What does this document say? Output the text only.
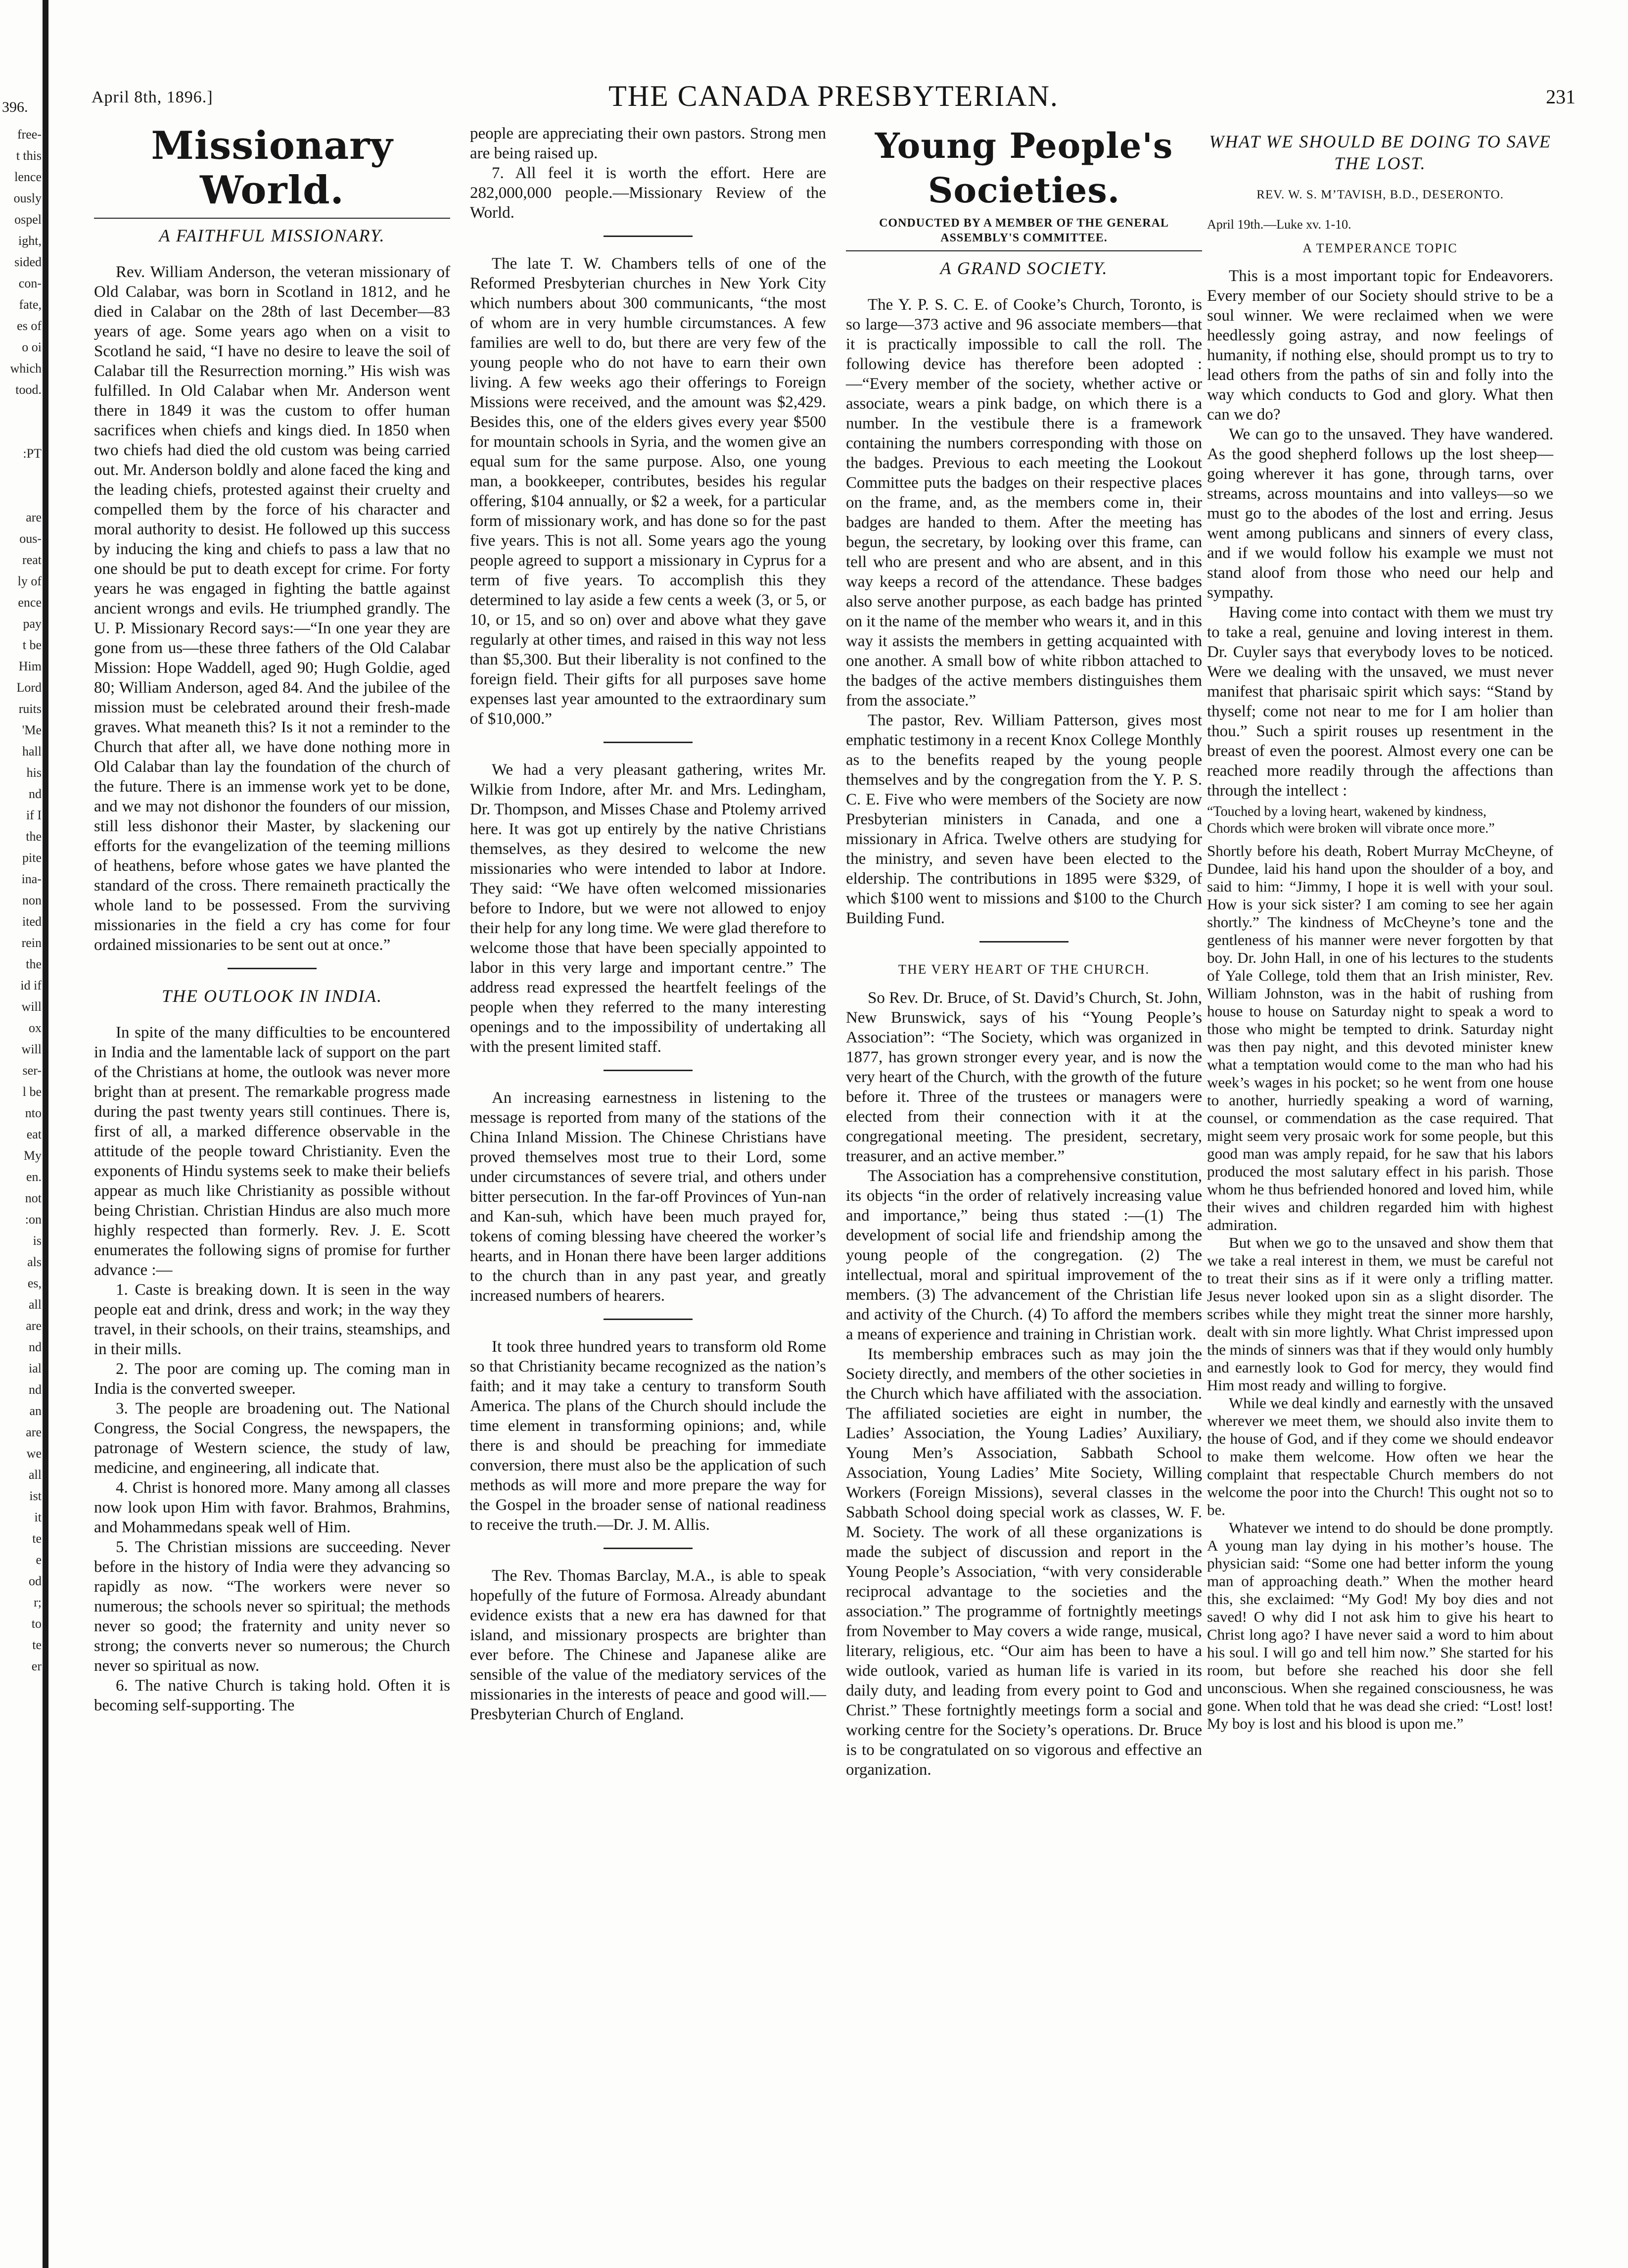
396.
free-
t this
lence
ously
ospel
ight,
sided
con-
fate,
es of
o oi
which
tood.

:PT

are
ous-
reat
ly of
ence
pay
t be
Him
Lord
ruits
'Me
hall
his
nd
if I
the
pite
ina-
non
ited
rein
the
id if
will
ox
will
ser-
l be
nto
eat
My
en.
not
:on
is
als
es,
all
are
nd
ial
nd
an
are
we
all
ist
it
te
e
od
r;
to
te
er
April 8th, 1896.]	THE CANADA PRESBYTERIAN.	231
Missionary World.
A FAITHFUL MISSIONARY.

Rev. William Anderson, the veteran missionary of Old Calabar, was born in Scotland in 1812, and he died in Calabar on the 28th of last December—83 years of age. Some years ago when on a visit to Scotland he said, “I have no desire to leave the soil of Calabar till the Resurrection morning.” His wish was fulfilled. In Old Calabar when Mr. Anderson went there in 1849 it was the custom to offer human sacrifices when chiefs and kings died. In 1850 when two chiefs had died the old custom was being carried out. Mr. Anderson boldly and alone faced the king and the leading chiefs, protested against their cruelty and compelled them by the force of his character and moral authority to desist. He followed up this success by inducing the king and chiefs to pass a law that no one should be put to death except for crime. For forty years he was engaged in fighting the battle against ancient wrongs and evils. He triumphed grandly. The U. P. Missionary Record says:—“In one year they are gone from us—these three fathers of the Old Calabar Mission: Hope Waddell, aged 90; Hugh Goldie, aged 80; William Anderson, aged 84. And the jubilee of the mission must be celebrated around their fresh-made graves. What meaneth this? Is it not a reminder to the Church that after all, we have done nothing more in Old Calabar than lay the foundation of the church of the future. There is an immense work yet to be done, and we may not dishonor the founders of our mission, still less dishonor their Master, by slackening our efforts for the evangelization of the teeming millions of heathens, before whose gates we have planted the standard of the cross. There remaineth practically the whole land to be possessed. From the surviving missionaries in the field a cry has come for four ordained missionaries to be sent out at once.”

THE OUTLOOK IN INDIA.

In spite of the many difficulties to be encountered in India and the lamentable lack of support on the part of the Christians at home, the outlook was never more bright than at present. The remarkable progress made during the past twenty years still continues. There is, first of all, a marked difference observable in the attitude of the people toward Christianity. Even the exponents of Hindu systems seek to make their beliefs appear as much like Christianity as possible without being Christian. Christian Hindus are also much more highly respected than formerly. Rev. J. E. Scott enumerates the following signs of promise for further advance :—

1. Caste is breaking down. It is seen in the way people eat and drink, dress and work; in the way they travel, in their schools, on their trains, steamships, and in their mills.

2. The poor are coming up. The coming man in India is the converted sweeper.

3. The people are broadening out. The National Congress, the Social Congress, the newspapers, the patronage of Western science, the study of law, medicine, and engineering, all indicate that.

4. Christ is honored more. Many among all classes now look upon Him with favor. Brahmos, Brahmins, and Mohammedans speak well of Him.

5. The Christian missions are succeeding. Never before in the history of India were they advancing so rapidly as now. “The workers were never so numerous; the schools never so spiritual; the methods never so good; the fraternity and unity never so strong; the converts never so numerous; the Church never so spiritual as now.

6. The native Church is taking hold. Often it is becoming self-supporting. The

people are appreciating their own pastors. Strong men are being raised up.

7. All feel it is worth the effort. Here are 282,000,000 people.—Missionary Review of the World.

The late T. W. Chambers tells of one of the Reformed Presbyterian churches in New York City which numbers about 300 communicants, “the most of whom are in very humble circumstances. A few families are well to do, but there are very few of the young people who do not have to earn their own living. A few weeks ago their offerings to Foreign Missions were received, and the amount was $2,429. Besides this, one of the elders gives every year $500 for mountain schools in Syria, and the women give an equal sum for the same purpose. Also, one young man, a bookkeeper, contributes, besides his regular offering, $104 annually, or $2 a week, for a particular form of missionary work, and has done so for the past five years. This is not all. Some years ago the young people agreed to support a missionary in Cyprus for a term of five years. To accomplish this they determined to lay aside a few cents a week (3, or 5, or 10, or 15, and so on) over and above what they gave regularly at other times, and raised in this way not less than $5,300. But their liberality is not confined to the foreign field. Their gifts for all purposes save home expenses last year amounted to the extraordinary sum of $10,000.”

We had a very pleasant gathering, writes Mr. Wilkie from Indore, after Mr. and Mrs. Ledingham, Dr. Thompson, and Misses Chase and Ptolemy arrived here. It was got up entirely by the native Christians themselves, as they desired to welcome the new missionaries who were intended to labor at Indore. They said: “We have often welcomed missionaries before to Indore, but we were not allowed to enjoy their help for any long time. We were glad therefore to welcome those that have been specially appointed to labor in this very large and important centre.” The address read expressed the heartfelt feelings of the people when they referred to the many interesting openings and to the impossibility of undertaking all with the present limited staff.

An increasing earnestness in listening to the message is reported from many of the stations of the China Inland Mission. The Chinese Christians have proved themselves most true to their Lord, some under circumstances of severe trial, and others under bitter persecution. In the far-off Provinces of Yun-nan and Kan-suh, which have been much prayed for, tokens of coming blessing have cheered the worker’s hearts, and in Honan there have been larger additions to the church than in any past year, and greatly increased numbers of hearers.

It took three hundred years to transform old Rome so that Christianity became recognized as the nation’s faith; and it may take a century to transform South America. The plans of the Church should include the time element in transforming opinions; and, while there is and should be preaching for immediate conversion, there must also be the application of such methods as will more and more prepare the way for the Gospel in the broader sense of national readiness to receive the truth.—Dr. J. M. Allis.

The Rev. Thomas Barclay, M.A., is able to speak hopefully of the future of Formosa. Already abundant evidence exists that a new era has dawned for that island, and missionary prospects are brighter than ever before. The Chinese and Japanese alike are sensible of the value of the mediatory services of the missionaries in the interests of peace and good will.—Presbyterian Church of England.

Young People's Societies.
CONDUCTED BY A MEMBER OF THE GENERAL ASSEMBLY'S COMMITTEE.
A GRAND SOCIETY.

The Y. P. S. C. E. of Cooke’s Church, Toronto, is so large—373 active and 96 associate members—that it is practically impossible to call the roll. The following device has therefore been adopted :—“Every member of the society, whether active or associate, wears a pink badge, on which there is a number. In the vestibule there is a framework containing the numbers corresponding with those on the badges. Previous to each meeting the Lookout Committee puts the badges on their respective places on the frame, and, as the members come in, their badges are handed to them. After the meeting has begun, the secretary, by looking over this frame, can tell who are present and who are absent, and in this way keeps a record of the attendance. These badges also serve another purpose, as each badge has printed on it the name of the member who wears it, and in this way it assists the members in getting acquainted with one another. A small bow of white ribbon attached to the badges of the active members distinguishes them from the associate.”

The pastor, Rev. William Patterson, gives most emphatic testimony in a recent Knox College Monthly as to the benefits reaped by the young people themselves and by the congregation from the Y. P. S. C. E. Five who were members of the Society are now Presbyterian ministers in Canada, and one a missionary in Africa. Twelve others are studying for the ministry, and seven have been elected to the eldership. The contributions in 1895 were $329, of which $100 went to missions and $100 to the Church Building Fund.

THE VERY HEART OF THE CHURCH.

So Rev. Dr. Bruce, of St. David’s Church, St. John, New Brunswick, says of his “Young People’s Association”: “The Society, which was organized in 1877, has grown stronger every year, and is now the very heart of the Church, with the growth of the future before it. Three of the trustees or managers were elected from their connection with it at the congregational meeting. The president, secretary, treasurer, and an active member.”

The Association has a comprehensive constitution, its objects “in the order of relatively increasing value and importance,” being thus stated :—(1) The development of social life and friendship among the young people of the congregation. (2) The intellectual, moral and spiritual improvement of the members. (3) The advancement of the Christian life and activity of the Church. (4) To afford the members a means of experience and training in Christian work.

Its membership embraces such as may join the Society directly, and members of the other societies in the Church which have affiliated with the association. The affiliated societies are eight in number, the Ladies’ Association, the Young Ladies’ Auxiliary, Young Men’s Association, Sabbath School Association, Young Ladies’ Mite Society, Willing Workers (Foreign Missions), several classes in the Sabbath School doing special work as classes, W. F. M. Society. The work of all these organizations is made the subject of discussion and report in the Young People’s Association, “with very considerable reciprocal advantage to the societies and the association.” The programme of fortnightly meetings from November to May covers a wide range, musical, literary, religious, etc. “Our aim has been to have a wide outlook, varied as human life is varied in its daily duty, and leading from every point to God and Christ.” These fortnightly meetings form a social and working centre for the Society’s operations. Dr. Bruce is to be congratulated on so vigorous and effective an organization.

WHAT WE SHOULD BE DOING TO SAVE THE LOST.
REV. W. S. M’TAVISH, B.D., DESERONTO.
April 19th.—Luke xv. 1-10.
A TEMPERANCE TOPIC

This is a most important topic for Endeavorers. Every member of our Society should strive to be a soul winner. We were reclaimed when we were heedlessly going astray, and now feelings of humanity, if nothing else, should prompt us to try to lead others from the paths of sin and folly into the way which conducts to God and glory. What then can we do?

We can go to the unsaved. They have wandered. As the good shepherd follows up the lost sheep—going wherever it has gone, through tarns, over streams, across mountains and into valleys—so we must go to the abodes of the lost and erring. Jesus went among publicans and sinners of every class, and if we would follow his example we must not stand aloof from those who need our help and sympathy.

Having come into contact with them we must try to take a real, genuine and loving interest in them. Dr. Cuyler says that everybody loves to be noticed. Were we dealing with the unsaved, we must never manifest that pharisaic spirit which says: “Stand by thyself; come not near to me for I am holier than thou.” Such a spirit rouses up resentment in the breast of even the poorest. Almost every one can be reached more readily through the affections than through the intellect :

“Touched by a loving heart, wakened by kindness,
Chords which were broken will vibrate once more.”

Shortly before his death, Robert Murray McCheyne, of Dundee, laid his hand upon the shoulder of a boy, and said to him: “Jimmy, I hope it is well with your soul. How is your sick sister? I am coming to see her again shortly.” The kindness of McCheyne’s tone and the gentleness of his manner were never forgotten by that boy. Dr. John Hall, in one of his lectures to the students of Yale College, told them that an Irish minister, Rev. William Johnston, was in the habit of rushing from house to house on Saturday night to speak a word to those who might be tempted to drink. Saturday night was then pay night, and this devoted minister knew what a temptation would come to the man who had his week’s wages in his pocket; so he went from one house to another, hurriedly speaking a word of warning, counsel, or commendation as the case required. That might seem very prosaic work for some people, but this good man was amply repaid, for he saw that his labors produced the most salutary effect in his parish. Those whom he thus befriended honored and loved him, while their wives and children regarded him with highest admiration.

But when we go to the unsaved and show them that we take a real interest in them, we must be careful not to treat their sins as if it were only a trifling matter. Jesus never looked upon sin as a slight disorder. The scribes while they might treat the sinner more harshly, dealt with sin more lightly. What Christ impressed upon the minds of sinners was that if they would only humbly and earnestly look to God for mercy, they would find Him most ready and willing to forgive.

While we deal kindly and earnestly with the unsaved wherever we meet them, we should also invite them to the house of God, and if they come we should endeavor to make them welcome. How often we hear the complaint that respectable Church members do not welcome the poor into the Church! This ought not so to be.

Whatever we intend to do should be done promptly. A young man lay dying in his mother’s house. The physician said: “Some one had better inform the young man of approaching death.” When the mother heard this, she exclaimed: “My God! My boy dies and not saved! O why did I not ask him to give his heart to Christ long ago? I have never said a word to him about his soul. I will go and tell him now.” She started for his room, but before she reached his door she fell unconscious. When she regained consciousness, he was gone. When told that he was dead she cried: “Lost! lost! My boy is lost and his blood is upon me.”
